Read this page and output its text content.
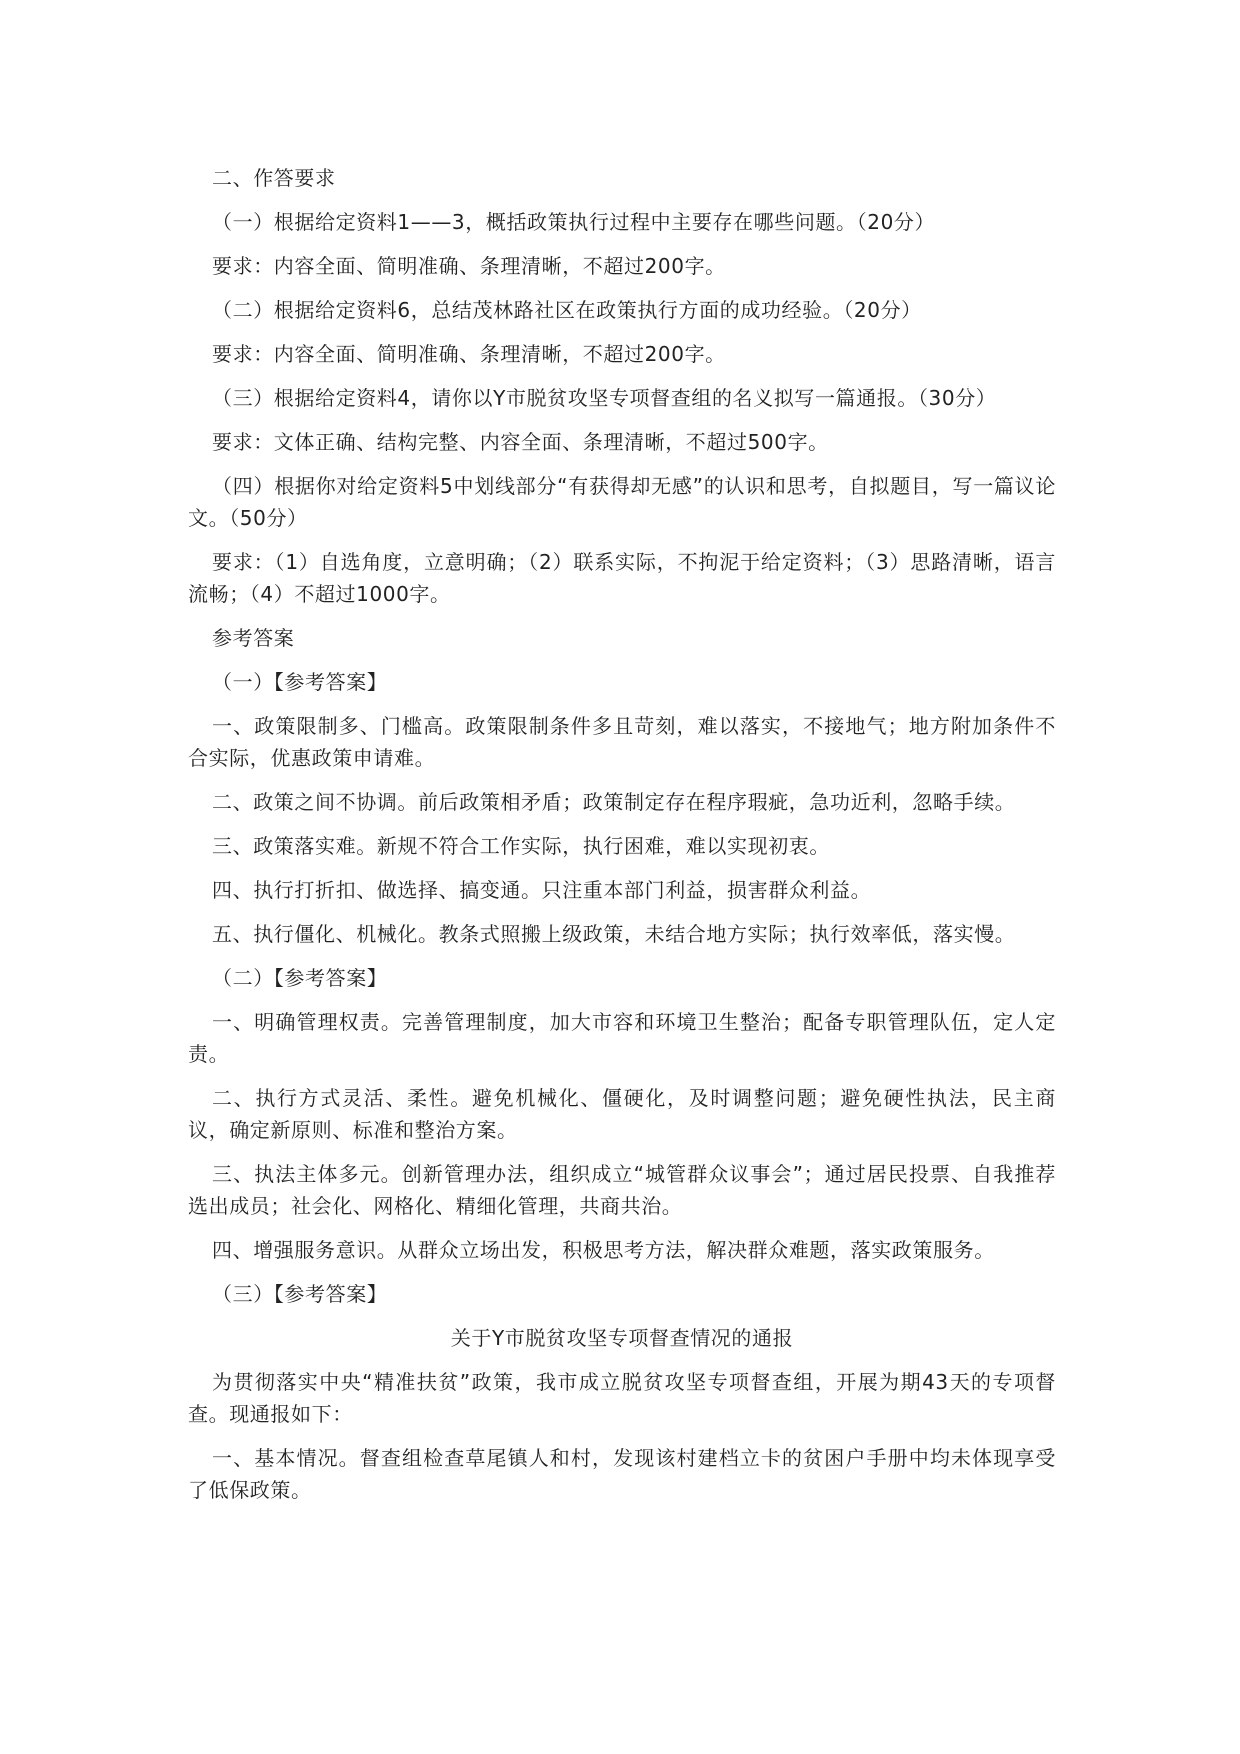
二、作答要求

（一）根据给定资料1——3，概括政策执行过程中主要存在哪些问题。（20分）

要求：内容全面、简明准确、条理清晰，不超过200字。

（二）根据给定资料6，总结茂林路社区在政策执行方面的成功经验。（20分）

要求：内容全面、简明准确、条理清晰，不超过200字。

（三）根据给定资料4，请你以Y市脱贫攻坚专项督查组的名义拟写一篇通报。（30分）

要求：文体正确、结构完整、内容全面、条理清晰，不超过500字。

（四）根据你对给定资料5中划线部分“有获得却无感”的认识和思考，自拟题目，写一篇议论文。（50分）

要求：（1）自选角度，立意明确；（2）联系实际，不拘泥于给定资料；（3）思路清晰，语言流畅；（4）不超过1000字。

参考答案

（一）【参考答案】

一、政策限制多、门槛高。政策限制条件多且苛刻，难以落实，不接地气；地方附加条件不合实际，优惠政策申请难。

二、政策之间不协调。前后政策相矛盾；政策制定存在程序瑕疵，急功近利，忽略手续。

三、政策落实难。新规不符合工作实际，执行困难，难以实现初衷。

四、执行打折扣、做选择、搞变通。只注重本部门利益，损害群众利益。

五、执行僵化、机械化。教条式照搬上级政策，未结合地方实际；执行效率低，落实慢。

（二）【参考答案】

一、明确管理权责。完善管理制度，加大市容和环境卫生整治；配备专职管理队伍，定人定责。

二、执行方式灵活、柔性。避免机械化、僵硬化，及时调整问题；避免硬性执法，民主商议，确定新原则、标准和整治方案。

三、执法主体多元。创新管理办法，组织成立“城管群众议事会”；通过居民投票、自我推荐选出成员；社会化、网格化、精细化管理，共商共治。

四、增强服务意识。从群众立场出发，积极思考方法，解决群众难题，落实政策服务。

（三）【参考答案】

关于Y市脱贫攻坚专项督查情况的通报

为贯彻落实中央“精准扶贫”政策，我市成立脱贫攻坚专项督查组，开展为期43天的专项督查。现通报如下：

一、基本情况。督查组检查草尾镇人和村，发现该村建档立卡的贫困户手册中均未体现享受了低保政策。
